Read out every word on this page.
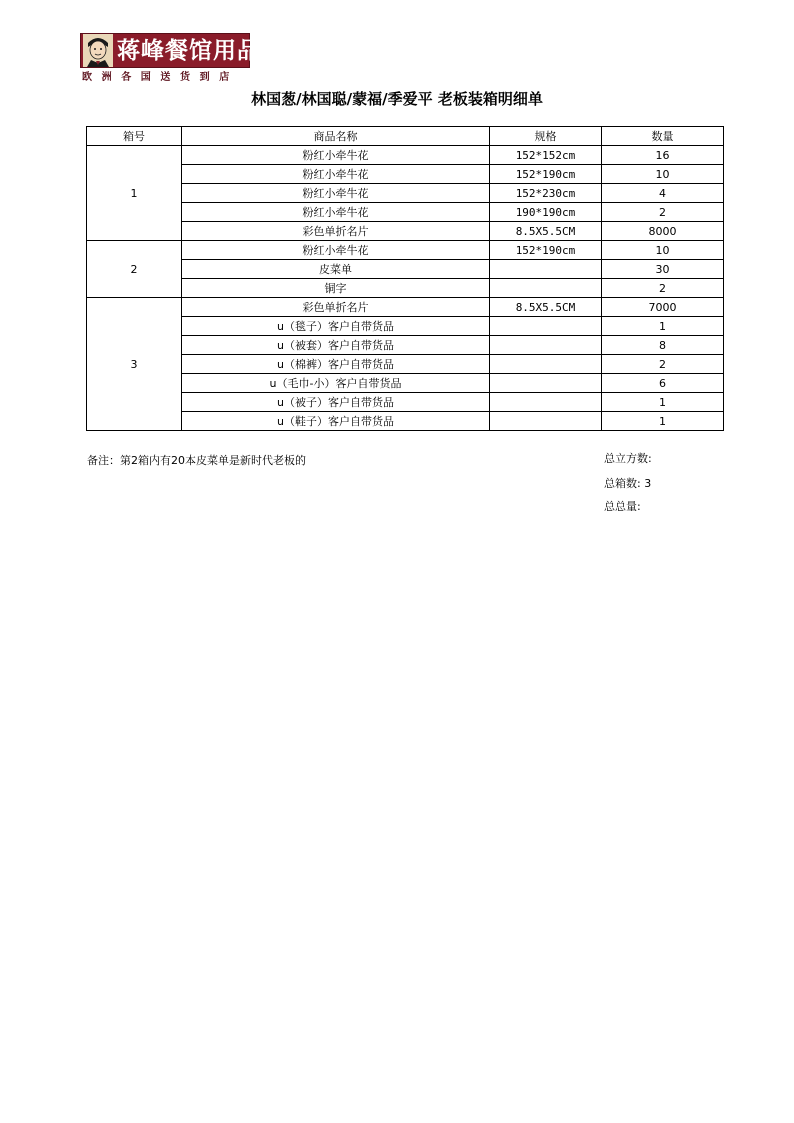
蒋峰餐馆用品
欧洲各国送货到店
林国葱/林国聪/蒙福/季爱平 老板装箱明细单
箱号	商品名称	规格	数量
1	粉红小牵牛花	152*152cm	16
	粉红小牵牛花	152*190cm	10
	粉红小牵牛花	152*230cm	4
	粉红小牵牛花	190*190cm	2
	彩色单折名片	8.5X5.5CM	8000
2	粉红小牵牛花	152*190cm	10
	皮菜单		30
	铜字		2
3	彩色单折名片	8.5X5.5CM	7000
	u（毯子）客户自带货品		1
	u（被套）客户自带货品		8
	u（棉裤）客户自带货品		2
	u（毛巾-小）客户自带货品		6
	u（被子）客户自带货品		1
	u（鞋子）客户自带货品		1
备注：第2箱内有20本皮菜单是新时代老板的	总立方数:
总箱数: 3
总总量:
